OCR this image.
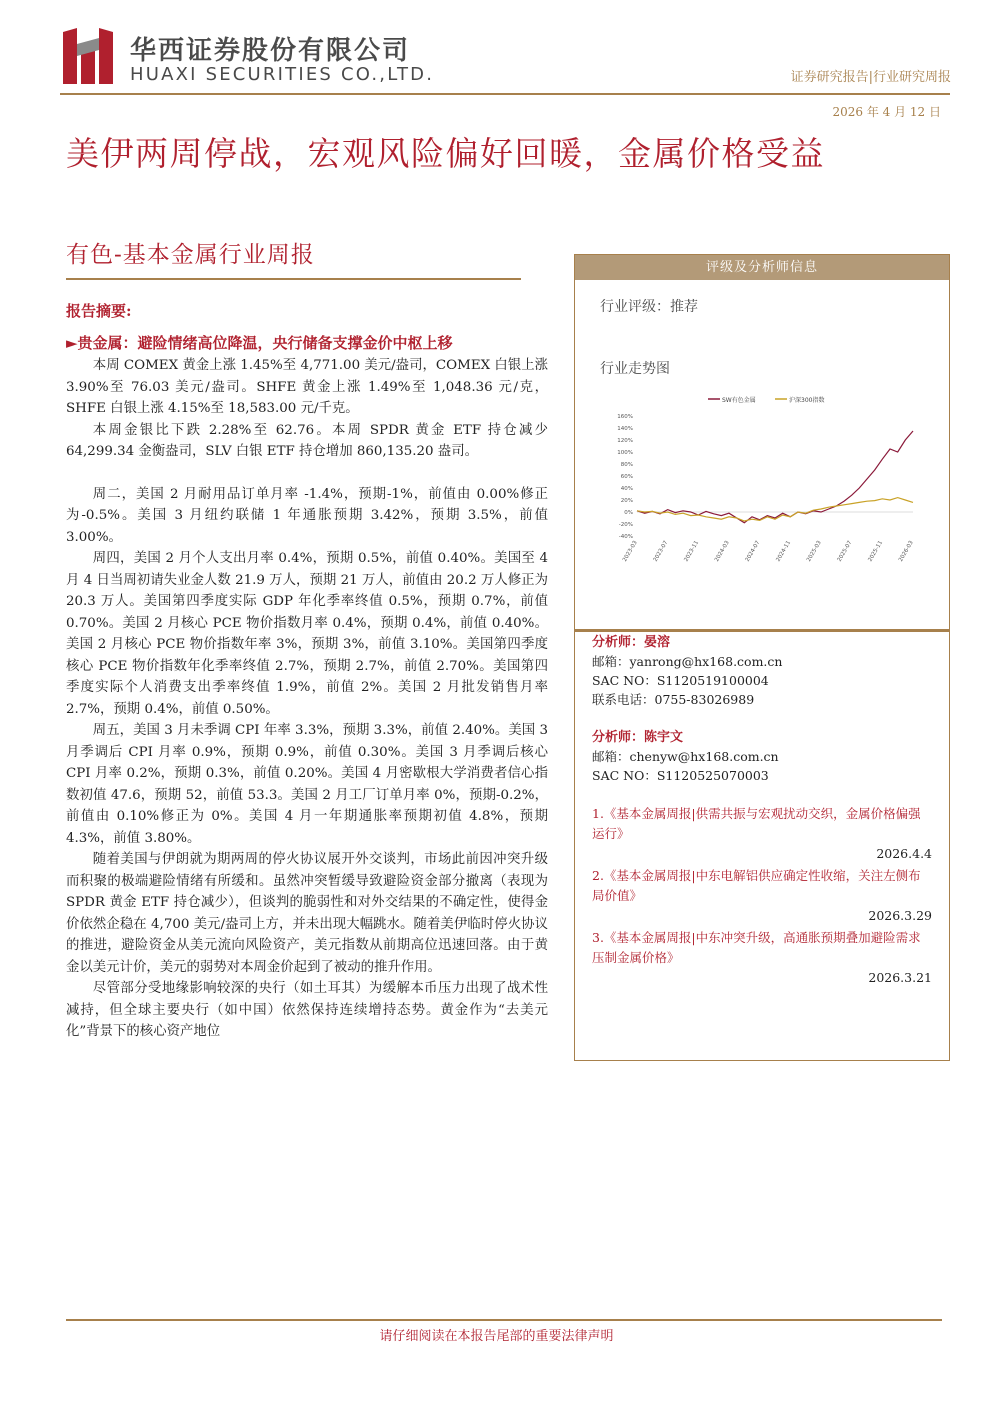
华西证券股份有限公司
HUAXI SECURITIES CO.,LTD.	证券研究报告|行业研究周报
2026 年 4 月 12 日
美伊两周停战，宏观风险偏好回暖，金属价格受益
有色-基本金属行业周报

报告摘要:

►贵金属：避险情绪高位降温，央行储备支撑金价中枢上移

本周 COMEX 黄金上涨 1.45%至 4,771.00 美元/盎司，COMEX 白银上涨 3.90%至 76.03 美元/盎司。SHFE 黄金上涨 1.49%至 1,048.36 元/克，SHFE 白银上涨 4.15%至 18,583.00 元/千克。

本周金银比下跌 2.28%至 62.76。本周 SPDR 黄金 ETF 持仓减少 64,299.34 金衡盎司，SLV 白银 ETF 持仓增加 860,135.20 盎司。

周二，美国 2 月耐用品订单月率 -1.4%，预期-1%，前值由 0.00%修正为-0.5%。美国 3 月纽约联储 1 年通胀预期 3.42%，预期 3.5%，前值 3.00%。

周四，美国 2 月个人支出月率 0.4%，预期 0.5%，前值 0.40%。美国至 4 月 4 日当周初请失业金人数 21.9 万人，预期 21 万人，前值由 20.2 万人修正为 20.3 万人。美国第四季度实际 GDP 年化季率终值 0.5%，预期 0.7%，前值 0.70%。美国 2 月核心 PCE 物价指数月率 0.4%，预期 0.4%，前值 0.40%。美国 2 月核心 PCE 物价指数年率 3%，预期 3%，前值 3.10%。美国第四季度核心 PCE 物价指数年化季率终值 2.7%，预期 2.7%，前值 2.70%。美国第四季度实际个人消费支出季率终值 1.9%，前值 2%。美国 2 月批发销售月率 2.7%，预期 0.4%，前值 0.50%。

周五，美国 3 月未季调 CPI 年率 3.3%，预期 3.3%，前值 2.40%。美国 3 月季调后 CPI 月率 0.9%，预期 0.9%，前值 0.30%。美国 3 月季调后核心 CPI 月率 0.2%，预期 0.3%，前值 0.20%。美国 4 月密歇根大学消费者信心指数初值 47.6，预期 52，前值 53.3。美国 2 月工厂订单月率 0%，预期-0.2%，前值由 0.10%修正为 0%。美国 4 月一年期通胀率预期初值 4.8%，预期 4.3%，前值 3.80%。

随着美国与伊朗就为期两周的停火协议展开外交谈判，市场此前因冲突升级而积聚的极端避险情绪有所缓和。虽然冲突暂缓导致避险资金部分撤离（表现为 SPDR 黄金 ETF 持仓减少），但谈判的脆弱性和对外交结果的不确定性，使得金价依然企稳在 4,700 美元/盎司上方，并未出现大幅跳水。随着美伊临时停火协议的推进，避险资金从美元流向风险资产，美元指数从前期高位迅速回落。由于黄金以美元计价，美元的弱势对本周金价起到了被动的推升作用。

尽管部分受地缘影响较深的央行（如土耳其）为缓解本币压力出现了战术性减持，但全球主要央行（如中国）依然保持连续增持态势。黄金作为“去美元化”背景下的核心资产地位

评级及分析师信息
行业评级：推荐
行业走势图
SW有色金属	沪深300指数
160%
140%
120%
100%
80%
60%
40%
20%
0%
-20%
-40%
2023-03	2023-07	2023-11	2024-03	2024-07	2024-11	2025-03	2025-07	2025-11	2026-03
分析师：晏溶
邮箱：yanrong@hx168.com.cn
SAC NO：S1120519100004
联系电话：0755-83026989
分析师：陈宇文
邮箱：chenyw@hx168.com.cn
SAC NO：S1120525070003

1.《基本金属周报|供需共振与宏观扰动交织，金属价格偏强运行》

2026.4.4

2.《基本金属周报|中东电解铝供应确定性收缩，关注左侧布局价值》

2026.3.29

3.《基本金属周报|中东冲突升级，高通胀预期叠加避险需求压制金属价格》

2026.3.21

请仔细阅读在本报告尾部的重要法律声明
